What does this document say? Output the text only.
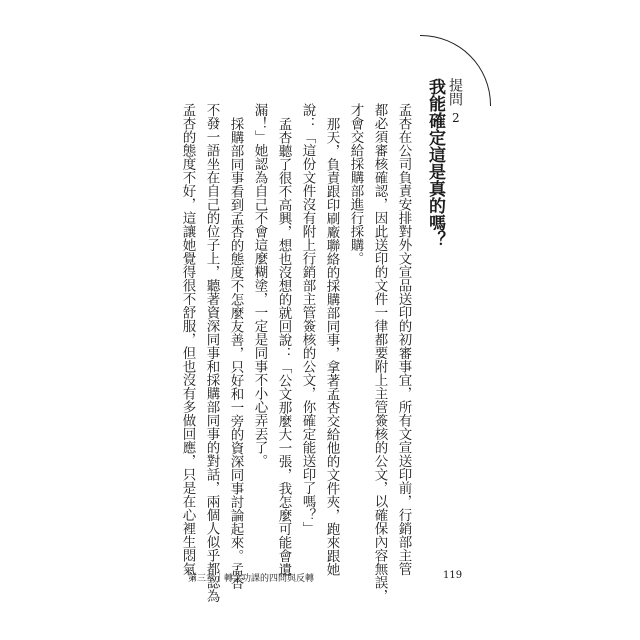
提問
2
我能確定這是真的嗎？
孟杏在公司負責安排對外文宣品送印的初審事宜，所有文宣送印前，行銷部主管
都必須審核確認，因此送印的文件一律都要附上主管簽核的公文，以確保內容無誤，
才會交給採購部進行採購。
那天，負責跟印刷廠聯絡的採購部同事，拿著孟杏交給他的文件夾，跑來跟她
說：「這份文件沒有附上行銷部主管簽核的公文，你確定能送印了嗎？」
孟杏聽了很不高興，想也沒想的就回說：「公文那麼大一張，我怎麼可能會遺
漏！」她認為自己不會這麼糊塗，一定是同事不小心弄丟了。
採購部同事看到孟杏的態度不怎麼友善，只好和一旁的資深同事討論起來。孟杏
不發一語坐在自己的位子上，聽著資深同事和採購部同事的對話，兩個人似乎都認為
孟杏的態度不好，這讓她覺得很不舒服，但也沒有多做回應，只是在心裡生悶氣。
第三章｜轉念功課的四問與反轉	119
